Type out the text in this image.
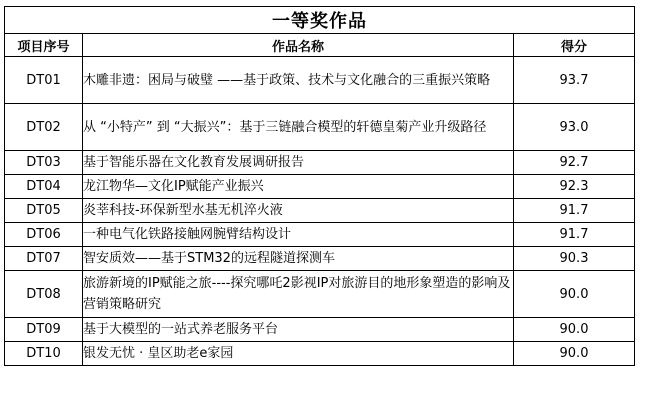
一等奖作品		
项目序号	作品名称	得分
DT01	木雕非遗：困局与破璧 ——基于政策、技术与文化融合的三重振兴策略	93.7
DT02	从 “小特产” 到 “大振兴”：基于三链融合模型的轩德皇菊产业升级路径	93.0
DT03	基于智能乐器在文化教育发展调研报告	92.7
DT04	龙江物华—文化IP赋能产业振兴	92.3
DT05	炎莘科技-环保新型水基无机淬火液	91.7
DT06	一种电气化铁路接触网腕臂结构设计	91.7
DT07	智安质效——基于STM32的远程隧道探测车	90.3
DT08	旅游新境的IP赋能之旅----探究哪吒2影视IP对旅游目的地形象塑造的影响及营销策略研究	90.0
DT09	基于大模型的一站式养老服务平台	90.0
DT10	银发无忧 · 皇区助老e家园	90.0
